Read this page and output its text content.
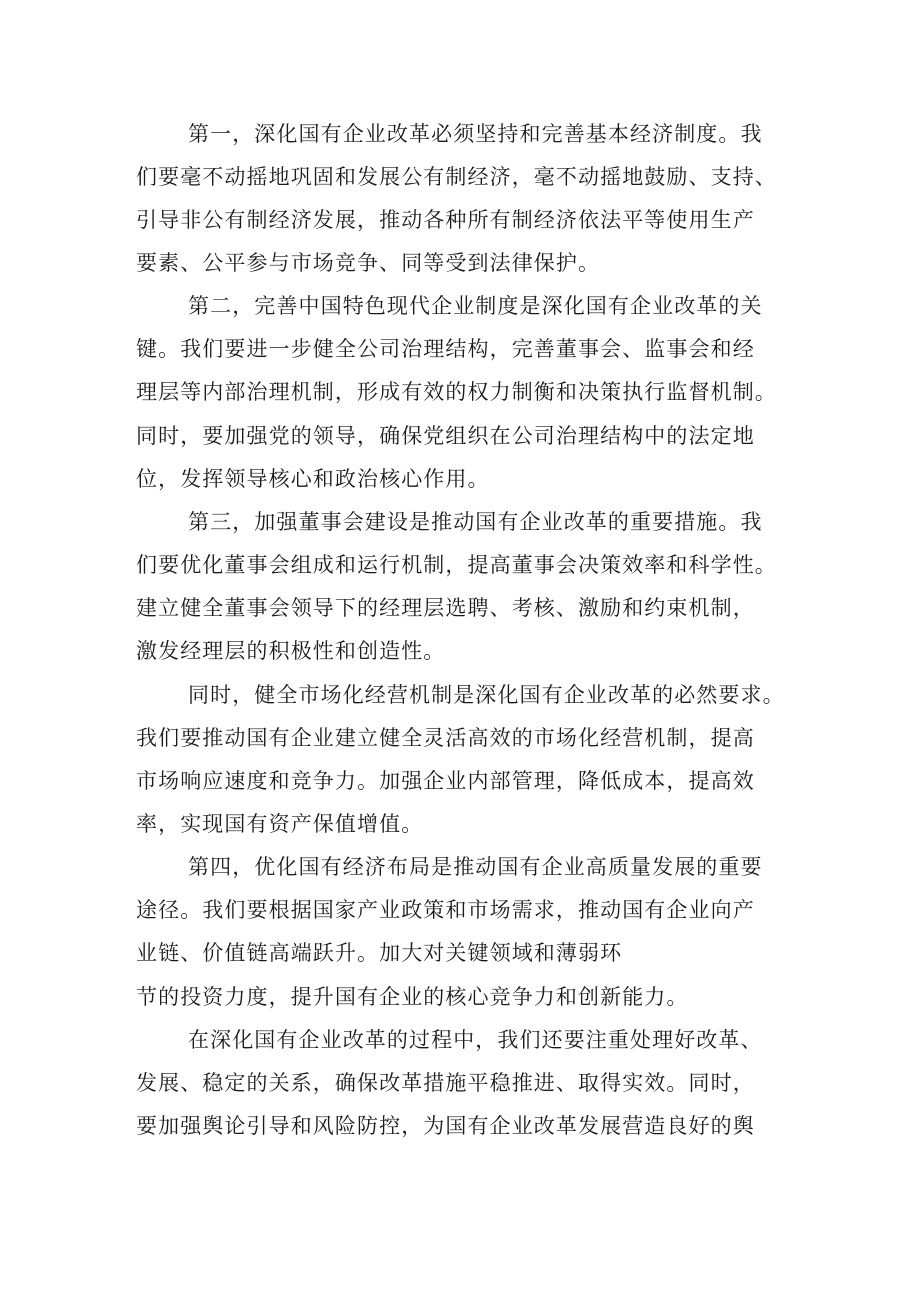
第一，深化国有企业改革必须坚持和完善基本经济制度。我
们要毫不动摇地巩固和发展公有制经济，毫不动摇地鼓励、支持、
引导非公有制经济发展，推动各种所有制经济依法平等使用生产
要素、公平参与市场竞争、同等受到法律保护。
第二，完善中国特色现代企业制度是深化国有企业改革的关
键。我们要进一步健全公司治理结构，完善董事会、监事会和经
理层等内部治理机制，形成有效的权力制衡和决策执行监督机制。
同时，要加强党的领导，确保党组织在公司治理结构中的法定地
位，发挥领导核心和政治核心作用。
第三，加强董事会建设是推动国有企业改革的重要措施。我
们要优化董事会组成和运行机制，提高董事会决策效率和科学性。
建立健全董事会领导下的经理层选聘、考核、激励和约束机制，
激发经理层的积极性和创造性。
同时，健全市场化经营机制是深化国有企业改革的必然要求。
我们要推动国有企业建立健全灵活高效的市场化经营机制，提高
市场响应速度和竞争力。加强企业内部管理，降低成本，提高效
率，实现国有资产保值增值。
第四，优化国有经济布局是推动国有企业高质量发展的重要
途径。我们要根据国家产业政策和市场需求，推动国有企业向产
业链、价值链高端跃升。加大对关键领域和薄弱环
节的投资力度，提升国有企业的核心竞争力和创新能力。
在深化国有企业改革的过程中，我们还要注重处理好改革、
发展、稳定的关系，确保改革措施平稳推进、取得实效。同时，
要加强舆论引导和风险防控，为国有企业改革发展营造良好的舆
